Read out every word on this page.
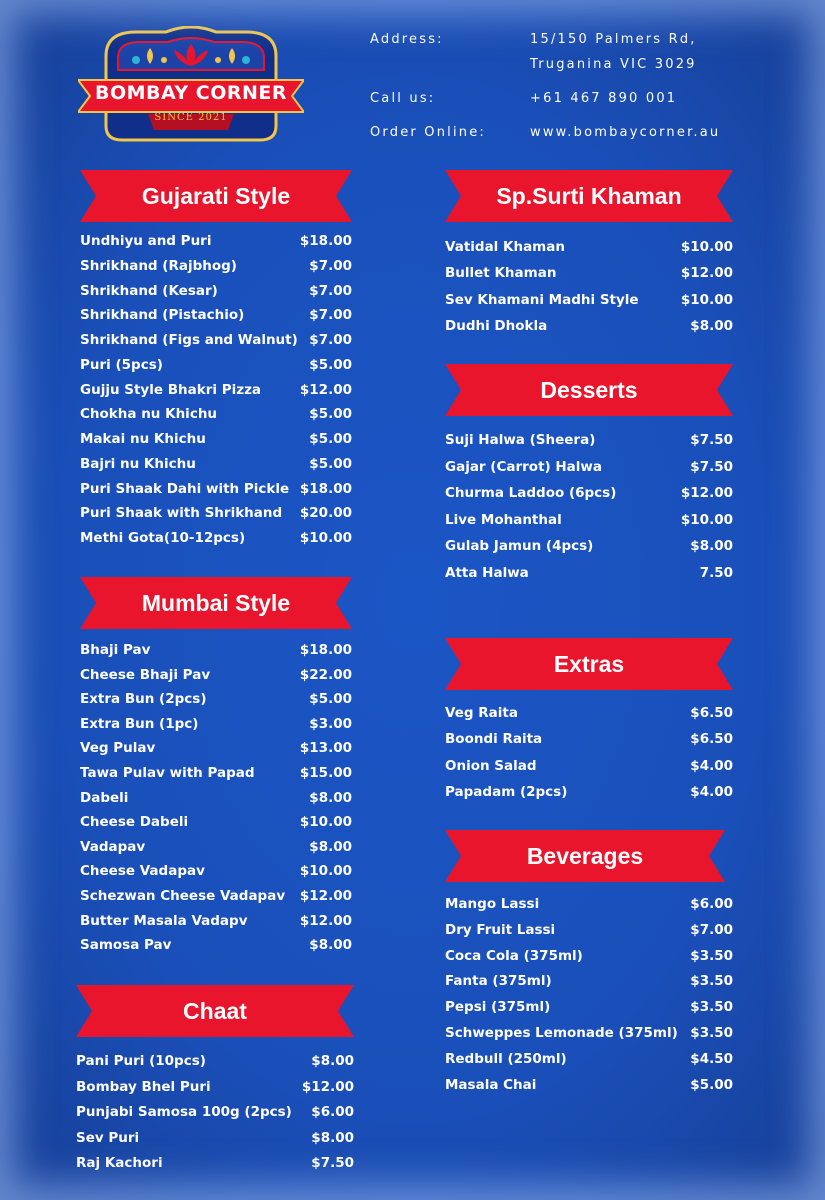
BOMBAY CORNER
SINCE 2021
Address:	15/150 Palmers Rd,
Truganina VIC 3029
Call us:	+61 467 890 001
Order Online:	www.bombaycorner.au
Gujarati Style
Undhiyu and Puri	$18.00
Shrikhand (Rajbhog)	$7.00
Shrikhand (Kesar)	$7.00
Shrikhand (Pistachio)	$7.00
Shrikhand (Figs and Walnut) $7.00
Puri (5pcs)	$5.00
Gujju Style Bhakri Pizza	$12.00
Chokha nu Khichu	$5.00
Makai nu Khichu	$5.00
Bajri nu Khichu	$5.00
Puri Shaak Dahi with Pickle $18.00
Puri Shaak with Shrikhand $20.00
Methi Gota(10-12pcs)	$10.00
Mumbai Style
Bhaji Pav	$18.00
Cheese Bhaji Pav	$22.00
Extra Bun (2pcs)	$5.00
Extra Bun (1pc)	$3.00
Veg Pulav	$13.00
Tawa Pulav with Papad	$15.00
Dabeli	$8.00
Cheese Dabeli	$10.00
Vadapav	$8.00
Cheese Vadapav	$10.00
Schezwan Cheese Vadapav $12.00
Butter Masala Vadapv	$12.00
Samosa Pav	$8.00
Chaat
Pani Puri (10pcs)	$8.00
Bombay Bhel Puri	$12.00
Punjabi Samosa 100g (2pcs) $6.00
Sev Puri	$8.00
Raj Kachori	$7.50
Sp.Surti Khaman
Vatidal Khaman	$10.00
Bullet Khaman	$12.00
Sev Khamani Madhi Style	$10.00
Dudhi Dhokla	$8.00
Desserts
Suji Halwa (Sheera)	$7.50
Gajar (Carrot) Halwa	$7.50
Churma Laddoo (6pcs)	$12.00
Live Mohanthal	$10.00
Gulab Jamun (4pcs)	$8.00
Atta Halwa	7.50
Extras
Veg Raita	$6.50
Boondi Raita	$6.50
Onion Salad	$4.00
Papadam (2pcs)	$4.00
Beverages
Mango Lassi	$6.00
Dry Fruit Lassi	$7.00
Coca Cola (375ml)	$3.50
Fanta (375ml)	$3.50
Pepsi (375ml)	$3.50
Schweppes Lemonade (375ml) $3.50
Redbull (250ml)	$4.50
Masala Chai	$5.00
